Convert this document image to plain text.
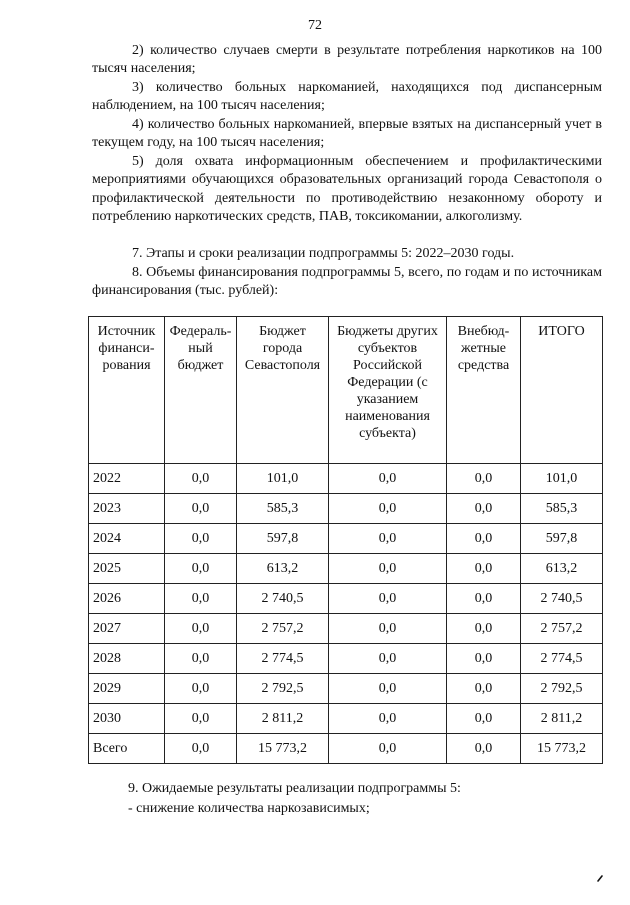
72

2) количество случаев смерти в результате потребления наркотиков на 100 тысяч населения;

3) количество больных наркоманией, находящихся под диспансерным наблюдением, на 100 тысяч населения;

4) количество больных наркоманией, впервые взятых на диспансерный учет в текущем году, на 100 тысяч населения;

5) доля охвата информационным обеспечением и профилактическими мероприятиями обучающихся образовательных организаций города Севастополя о профилактической деятельности по противодействию незаконному обороту и потреблению наркотических средств, ПАВ, токсикомании, алкоголизму.

7. Этапы и сроки реализации подпрограммы 5: 2022–2030 годы.

8. Объемы финансирования подпрограммы 5, всего, по годам и по источникам финансирования (тыс. рублей):

Источник финанси-рования	Федераль-ный бюджет	Бюджет города Севастополя	Бюджеты других субъектов Российской Федерации (с указанием наименования субъекта)	Внебюд-жетные средства	ИТОГО
2022	0,0	101,0	0,0	0,0	101,0
2023	0,0	585,3	0,0	0,0	585,3
2024	0,0	597,8	0,0	0,0	597,8
2025	0,0	613,2	0,0	0,0	613,2
2026	0,0	2 740,5	0,0	0,0	2 740,5
2027	0,0	2 757,2	0,0	0,0	2 757,2
2028	0,0	2 774,5	0,0	0,0	2 774,5
2029	0,0	2 792,5	0,0	0,0	2 792,5
2030	0,0	2 811,2	0,0	0,0	2 811,2
Всего	0,0	15 773,2	0,0	0,0	15 773,2
9. Ожидаемые результаты реализации подпрограммы 5:
- снижение количества наркозависимых;
